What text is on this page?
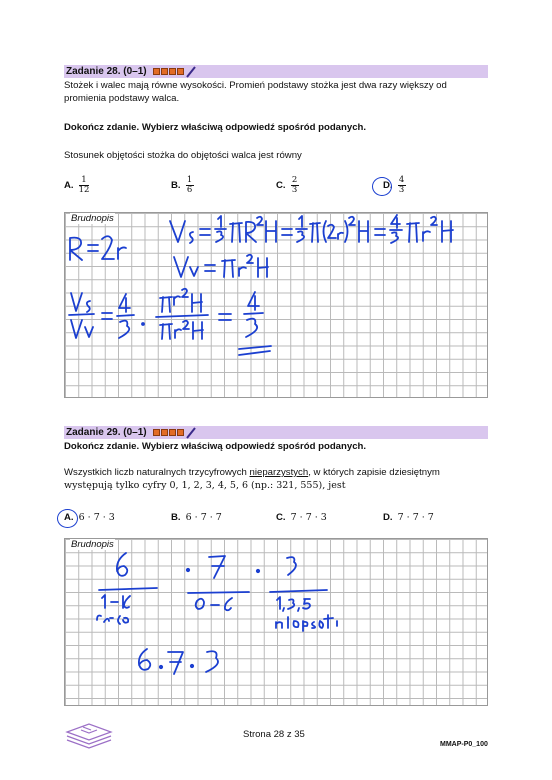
Zadanie 28. (0–1)
Stożek i walec mają równe wysokości. Promień podstawy stożka jest dwa razy większy od
promienia podstawy walca.
Dokończ zdanie. Wybierz właściwą odpowiedź spośród podanych.
Stosunek objętości stożka do objętości walca jest równy
A. $\frac{1}{12}$	B. $\frac{1}{6}$	C. $\frac{2}{3}$	D. $\frac{4}{3}$
Brudnopis
Zadanie 29. (0–1)
Dokończ zdanie. Wybierz właściwą odpowiedź spośród podanych.
Wszystkich liczb naturalnych trzycyfrowych nieparzystych, w których zapisie dziesiętnym
występują tylko cyfry 0, 1, 2, 3, 4, 5, 6 (np.: 321, 555), jest
A. 6 · 7 · 3	B. 6 · 7 · 7	C. 7 · 7 · 3	D. 7 · 7 · 7
Brudnopis
Strona 28 z 35
MMAP-P0_100
